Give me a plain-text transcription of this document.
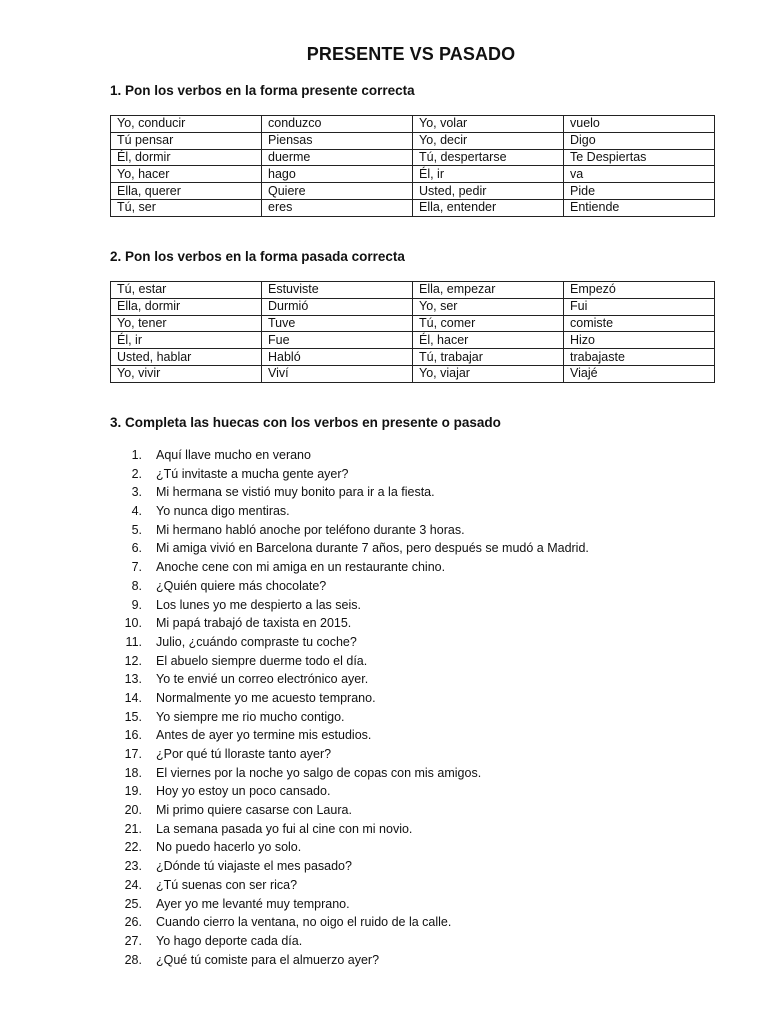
PRESENTE VS PASADO
1. Pon los verbos en la forma presente correcta
Yo, conducir	conduzco	Yo, volar	vuelo
Tú pensar	Piensas	Yo, decir	Digo
Él, dormir	duerme	Tú, despertarse	Te Despiertas
Yo, hacer	hago	Él, ir	va
Ella, querer	Quiere	Usted, pedir	Pide
Tú, ser	eres	Ella, entender	Entiende
2. Pon los verbos en la forma pasada correcta
Tú, estar	Estuviste	Ella, empezar	Empezó
Ella, dormir	Durmió	Yo, ser	Fui
Yo, tener	Tuve	Tú, comer	comiste
Él, ir	Fue	Él, hacer	Hizo
Usted, hablar	Habló	Tú, trabajar	trabajaste
Yo, vivir	Viví	Yo, viajar	Viajé
3. Completa las huecas con los verbos en presente o pasado
1. Aquí llave mucho en verano
2. ¿Tú invitaste a mucha gente ayer?
3. Mi hermana se vistió muy bonito para ir a la fiesta.
4. Yo nunca digo mentiras.
5. Mi hermano habló anoche por teléfono durante 3 horas.
6. Mi amiga vivió en Barcelona durante 7 años, pero después se mudó a Madrid.
7. Anoche cene con mi amiga en un restaurante chino.
8. ¿Quién quiere más chocolate?
9. Los lunes yo me despierto a las seis.
10. Mi papá trabajó de taxista en 2015.
11. Julio, ¿cuándo compraste tu coche?
12. El abuelo siempre duerme todo el día.
13. Yo te envié un correo electrónico ayer.
14. Normalmente yo me acuesto temprano.
15. Yo siempre me rio mucho contigo.
16. Antes de ayer yo termine mis estudios.
17. ¿Por qué tú lloraste tanto ayer?
18. El viernes por la noche yo salgo de copas con mis amigos.
19. Hoy yo estoy un poco cansado.
20. Mi primo quiere casarse con Laura.
21. La semana pasada yo fui al cine con mi novio.
22. No puedo hacerlo yo solo.
23. ¿Dónde tú viajaste el mes pasado?
24. ¿Tú suenas con ser rica?
25. Ayer yo me levanté muy temprano.
26. Cuando cierro la ventana, no oigo el ruido de la calle.
27. Yo hago deporte cada día.
28. ¿Qué tú comiste para el almuerzo ayer?
